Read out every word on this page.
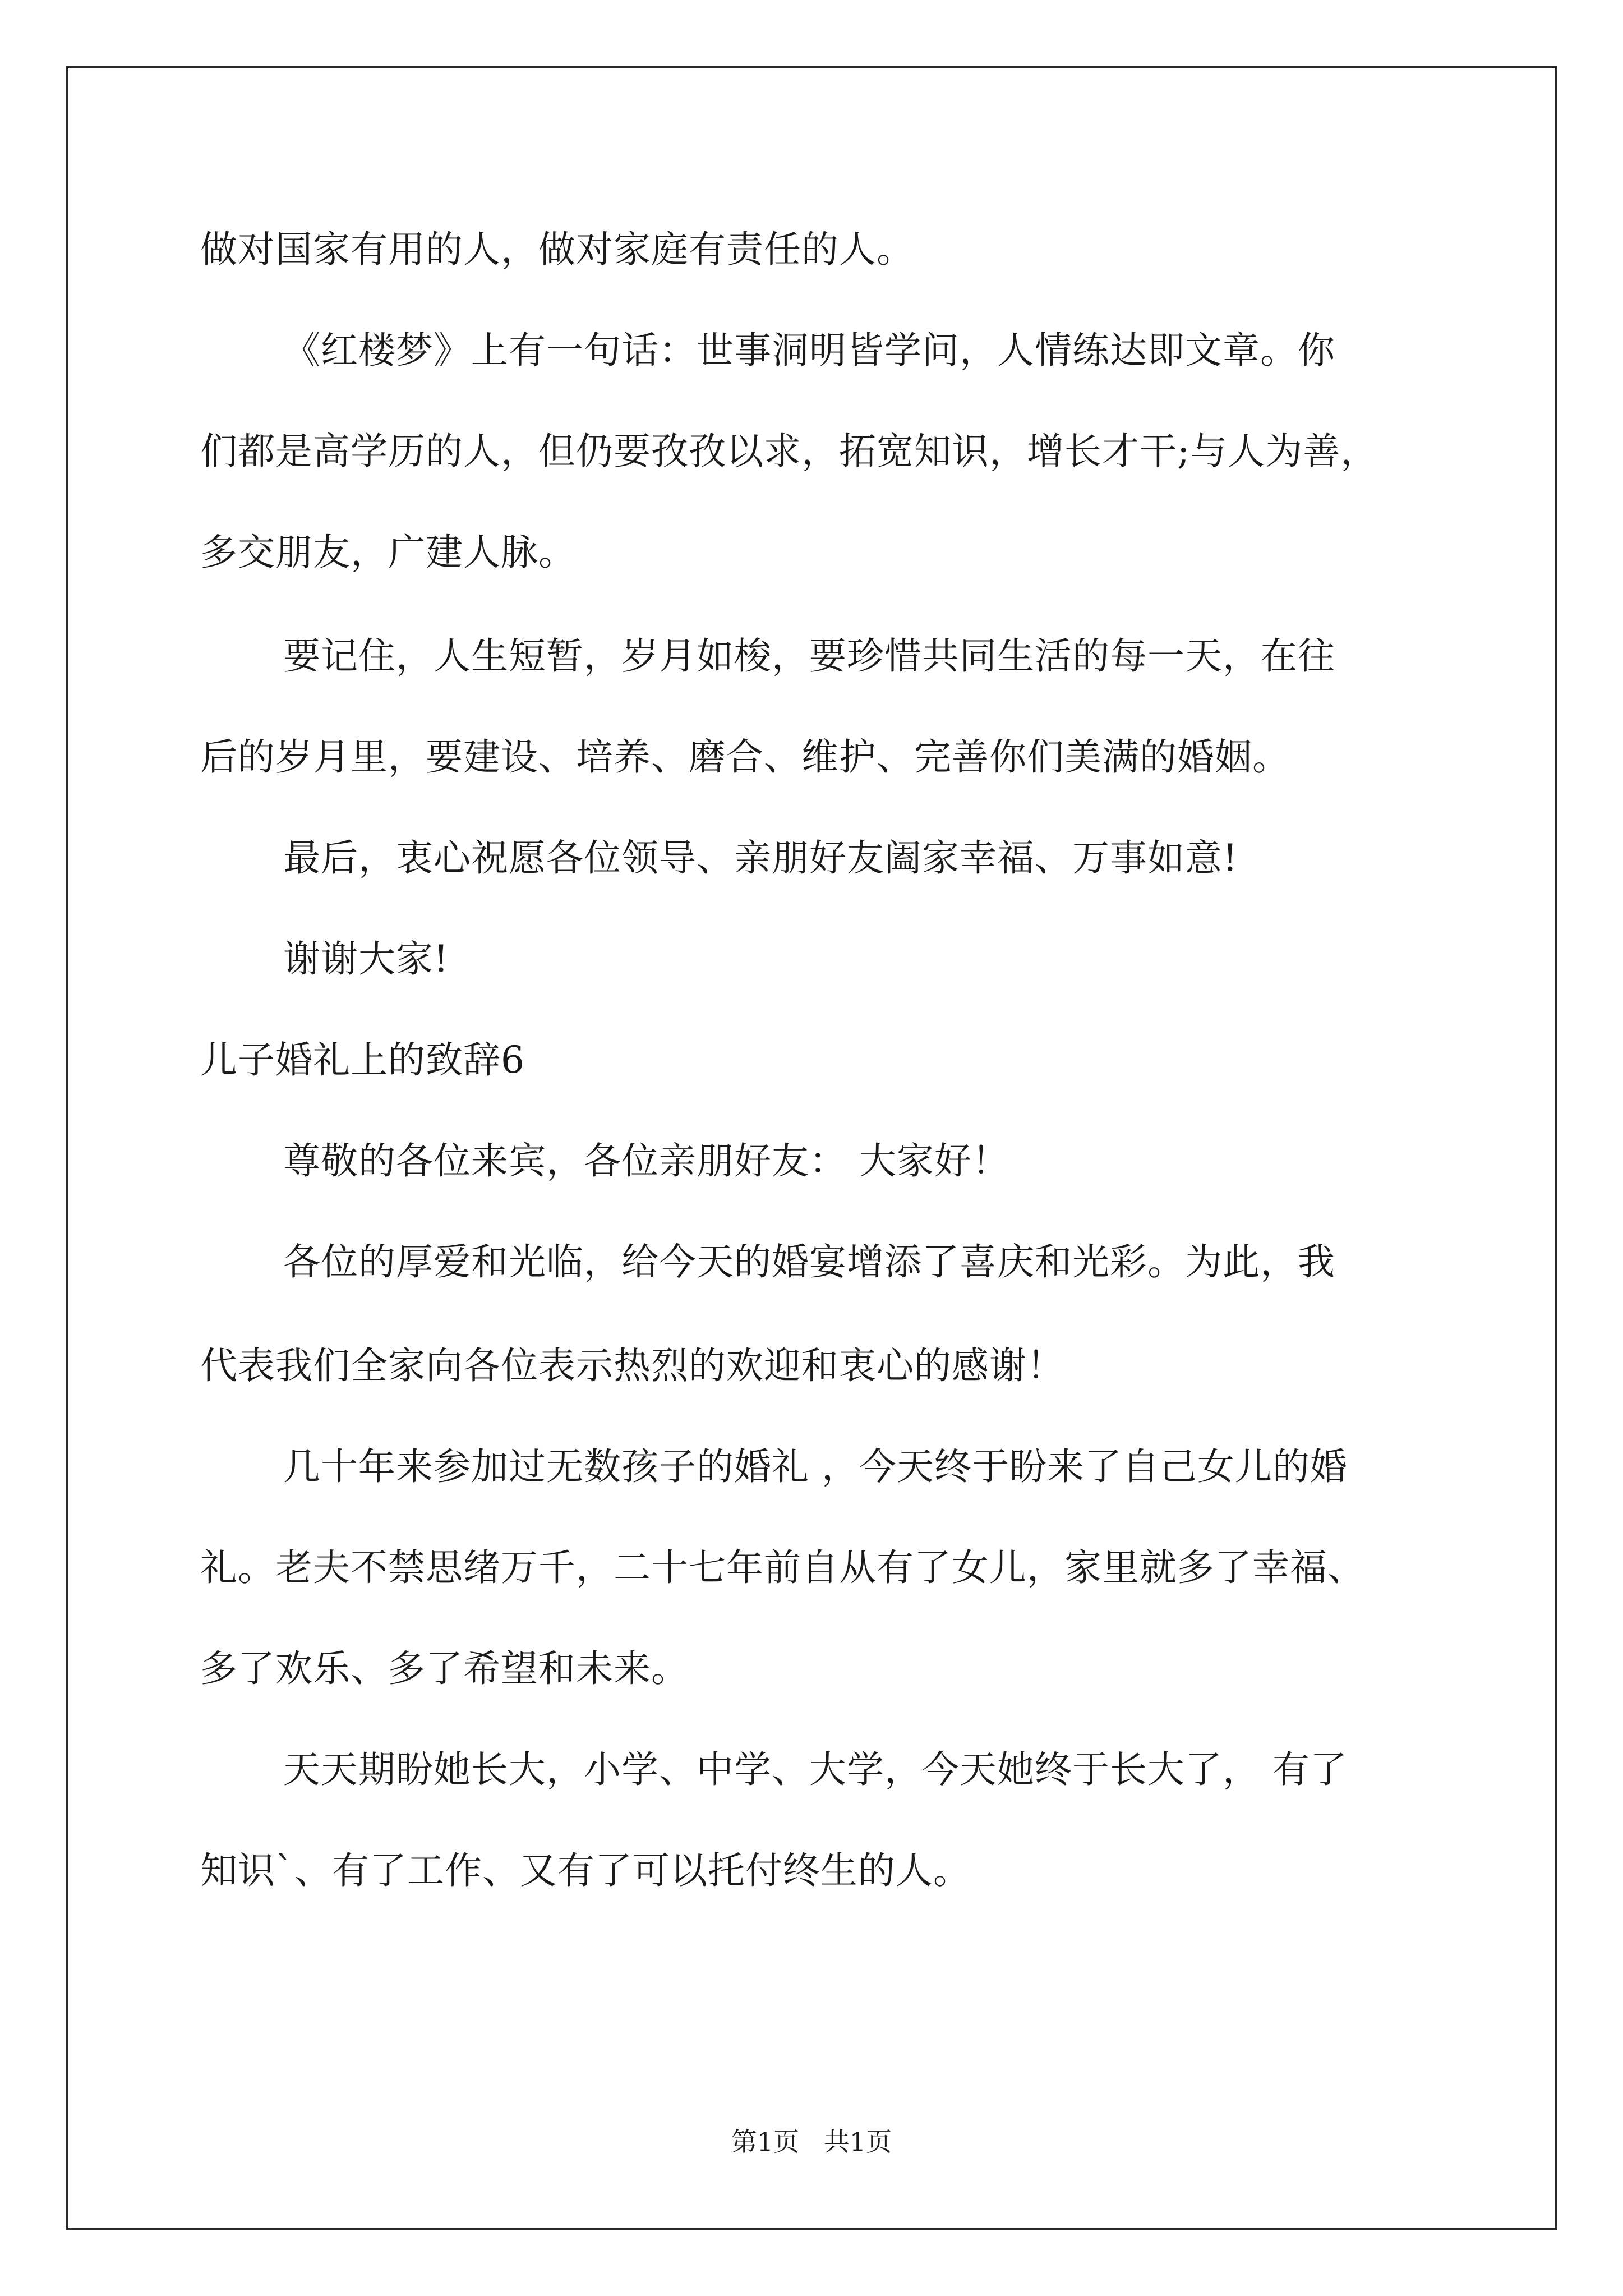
做对国家有用的人，做对家庭有责任的人。
《红楼梦》上有一句话：世事洞明皆学问，人情练达即文章。你
们都是高学历的人，但仍要孜孜以求，拓宽知识，增长才干;与人为善，
多交朋友，广建人脉。
要记住，人生短暂，岁月如梭，要珍惜共同生活的每一天，在往
后的岁月里，要建设、培养、磨合、维护、完善你们美满的婚姻。
最后，衷心祝愿各位领导、亲朋好友阖家幸福、万事如意!
谢谢大家!
儿子婚礼上的致辞6
尊敬的各位来宾，各位亲朋好友： 大家好！
各位的厚爱和光临，给今天的婚宴增添了喜庆和光彩。为此，我
代表我们全家向各位表示热烈的欢迎和衷心的感谢！
几十年来参加过无数孩子的婚礼 ，今天终于盼来了自己女儿的婚
礼。老夫不禁思绪万千，二十七年前自从有了女儿，家里就多了幸福、
多了欢乐、多了希望和未来。
天天期盼她长大，小学、中学、大学，今天她终于长大了， 有了
知识`、有了工作、又有了可以托付终生的人。
第1页   共1页
